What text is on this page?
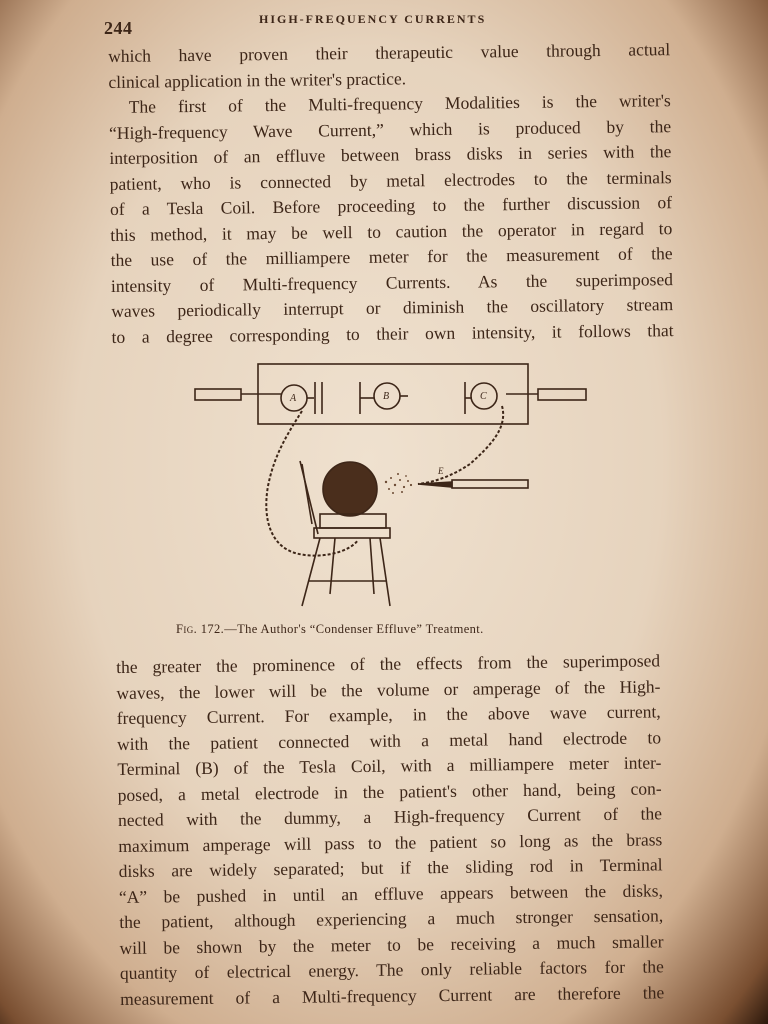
244	HIGH-FREQUENCY CURRENTS
which have proven their therapeutic value through actual
clinical application in the writer's practice.
The first of the Multi-frequency Modalities is the writer's
“High-frequency Wave Current,” which is produced by the
interposition of an effluve between brass disks in series with the
patient, who is connected by metal electrodes to the terminals
of a Tesla Coil. Before proceeding to the further discussion of
this method, it may be well to caution the operator in regard to
the use of the milliampere meter for the measurement of the
intensity of Multi-frequency Currents. As the superimposed
waves periodically interrupt or diminish the oscillatory stream
to a degree corresponding to their own intensity, it follows that
A	B	C
E
Fig. 172.—The Author's “Condenser Effluve” Treatment.
the greater the prominence of the effects from the superimposed
waves, the lower will be the volume or amperage of the High-
frequency Current. For example, in the above wave current,
with the patient connected with a metal hand electrode to
Terminal (B) of the Tesla Coil, with a milliampere meter inter-
posed, a metal electrode in the patient's other hand, being con-
nected with the dummy, a High-frequency Current of the
maximum amperage will pass to the patient so long as the brass
disks are widely separated; but if the sliding rod in Terminal
“A” be pushed in until an effluve appears between the disks,
the patient, although experiencing a much stronger sensation,
will be shown by the meter to be receiving a much smaller
quantity of electrical energy. The only reliable factors for the
measurement of a Multi-frequency Current are therefore the
